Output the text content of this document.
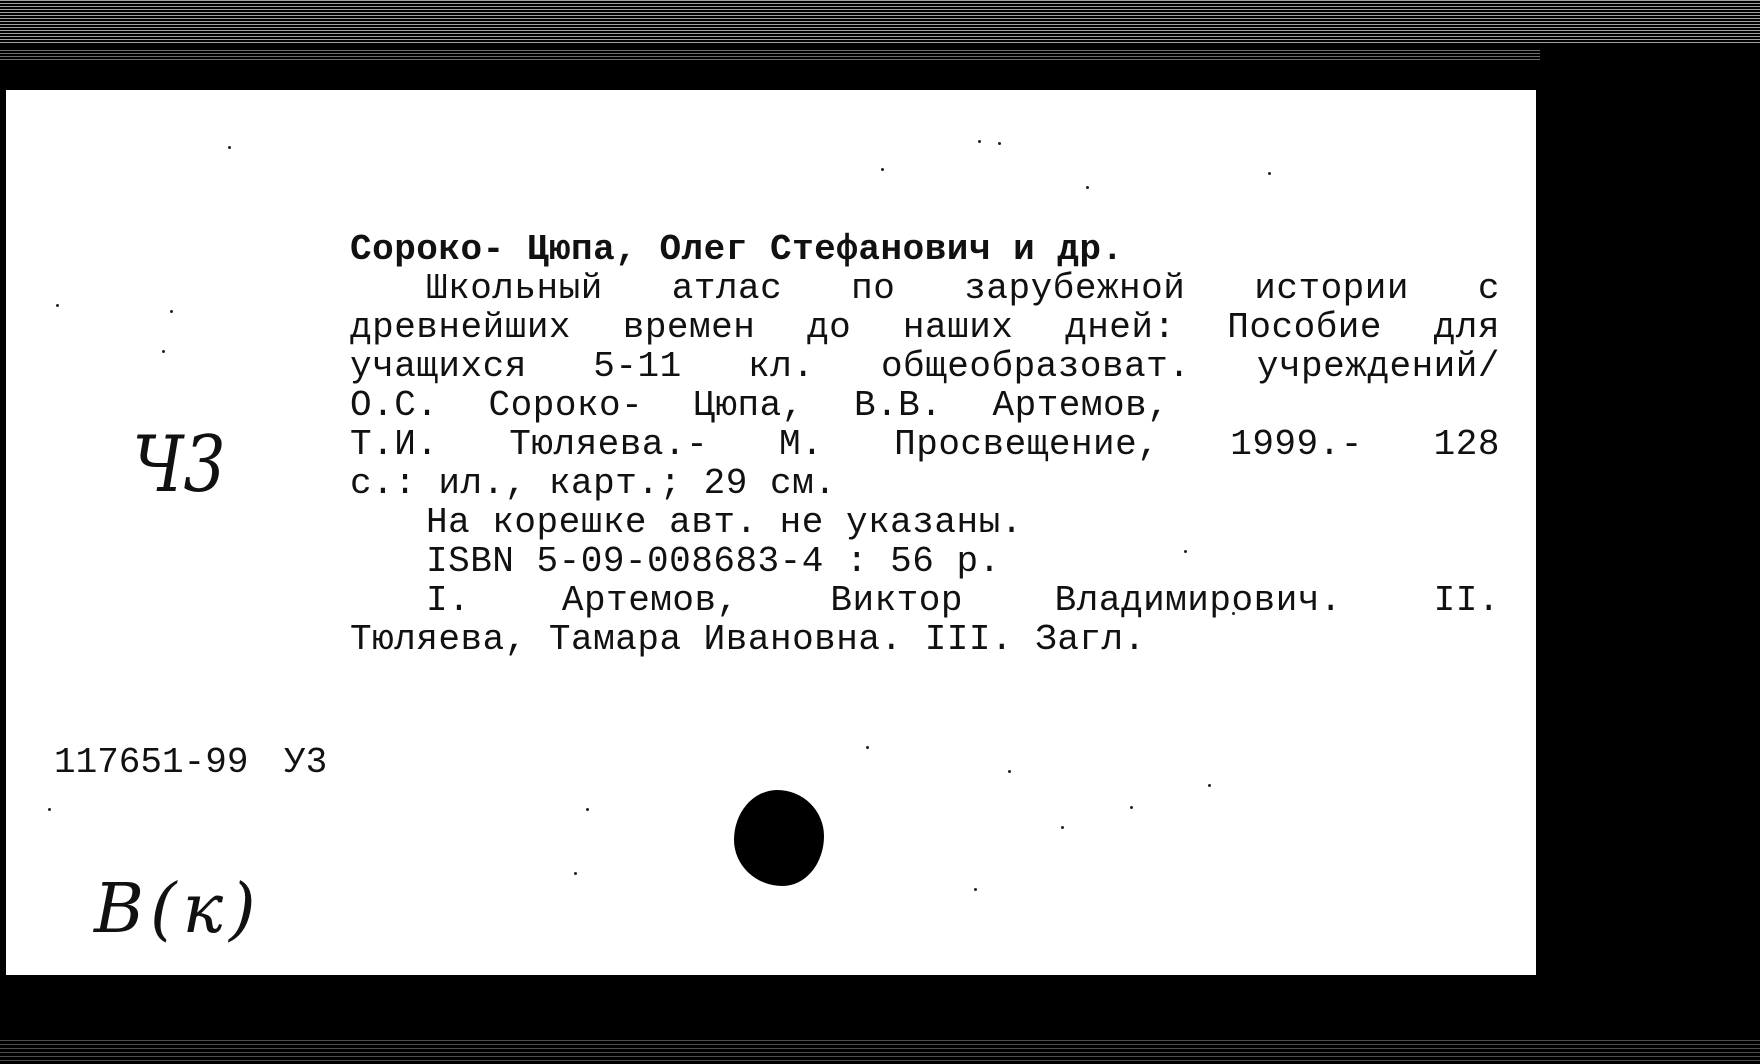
Сороко- Цюпа, Олег Стефанович и др.
Школьный атлас по зарубежной истории с
древнейших времен до наших дней: Пособие для
учащихся 5-11 кл. общеобразоват. учреждений/
О.С. Сороко- Цюпа, В.В. Артемов,
Т.И. Тюляева.- М. Просвещение, 1999.- 128
с.: ил., карт.; 29 см.
На корешке авт. не указаны.
ISBN 5-09-008683-4 : 56 р.
I. Артемов, Виктор Владимирович. II.
Тюляева, Тамара Ивановна. III. Загл.
Ч3
117651-99 У3
В(к)
